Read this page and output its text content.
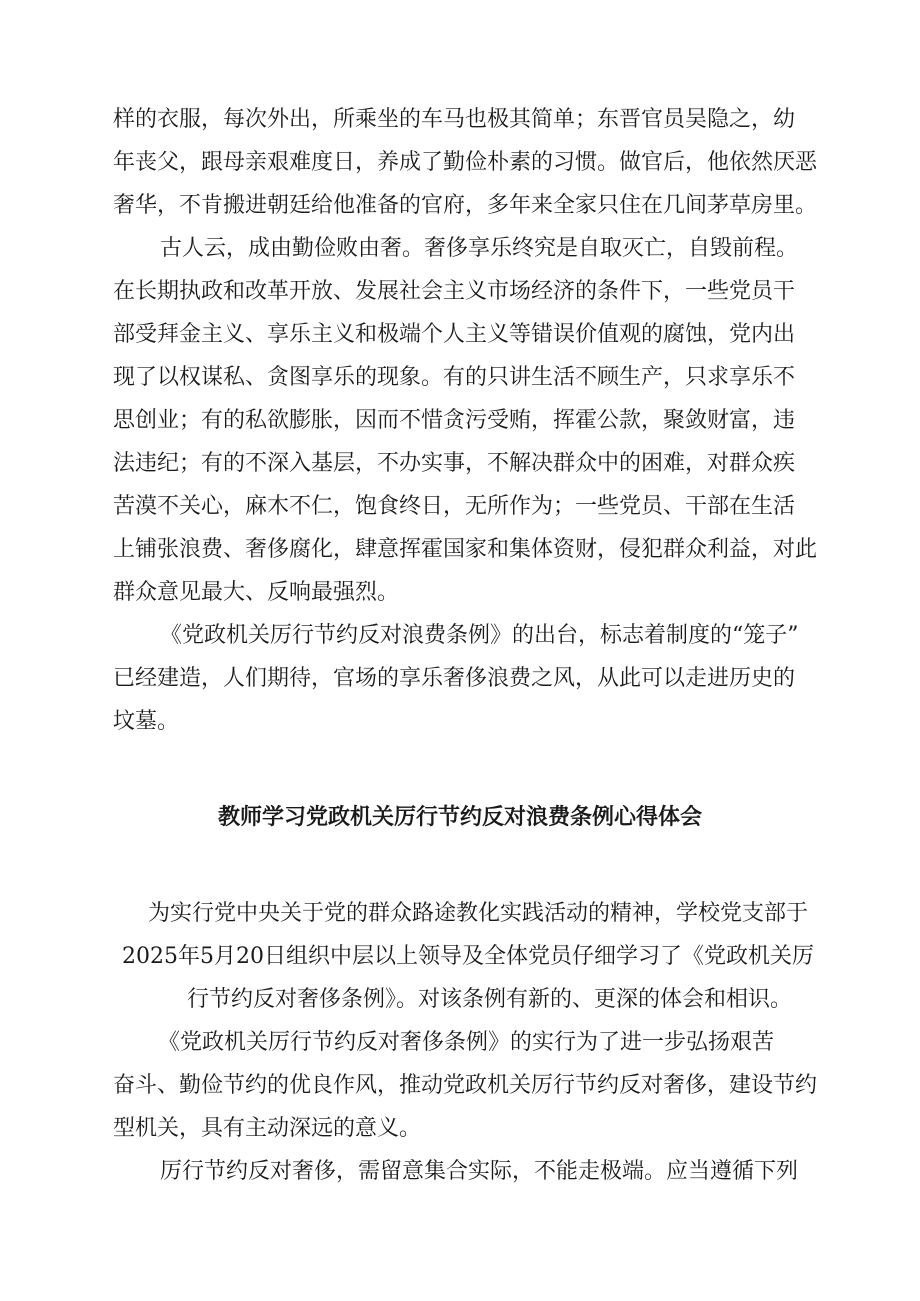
样的衣服，每次外出，所乘坐的车马也极其简单；东晋官员吴隐之，幼
年丧父，跟母亲艰难度日，养成了勤俭朴素的习惯。做官后，他依然厌恶
奢华，不肯搬进朝廷给他准备的官府，多年来全家只住在几间茅草房里。
古人云，成由勤俭败由奢。奢侈享乐终究是自取灭亡，自毁前程。
在长期执政和改革开放、发展社会主义市场经济的条件下，一些党员干
部受拜金主义、享乐主义和极端个人主义等错误价值观的腐蚀，党内出
现了以权谋私、贪图享乐的现象。有的只讲生活不顾生产，只求享乐不
思创业；有的私欲膨胀，因而不惜贪污受贿，挥霍公款，聚敛财富，违
法违纪；有的不深入基层，不办实事，不解决群众中的困难，对群众疾
苦漠不关心，麻木不仁，饱食终日，无所作为；一些党员、干部在生活
上铺张浪费、奢侈腐化，肆意挥霍国家和集体资财，侵犯群众利益，对此
群众意见最大、反响最强烈。
《党政机关厉行节约反对浪费条例》的出台，标志着制度的“笼子”
已经建造，人们期待，官场的享乐奢侈浪费之风，从此可以走进历史的
坟墓。
教师学习党政机关厉行节约反对浪费条例心得体会
为实行党中央关于党的群众路途教化实践活动的精神，学校党支部于
2025年5月20日组织中层以上领导及全体党员仔细学习了《党政机关厉
行节约反对奢侈条例》。对该条例有新的、更深的体会和相识。
《党政机关厉行节约反对奢侈条例》的实行为了进一步弘扬艰苦
奋斗、勤俭节约的优良作风，推动党政机关厉行节约反对奢侈，建设节约
型机关，具有主动深远的意义。
厉行节约反对奢侈，需留意集合实际，不能走极端。应当遵循下列
